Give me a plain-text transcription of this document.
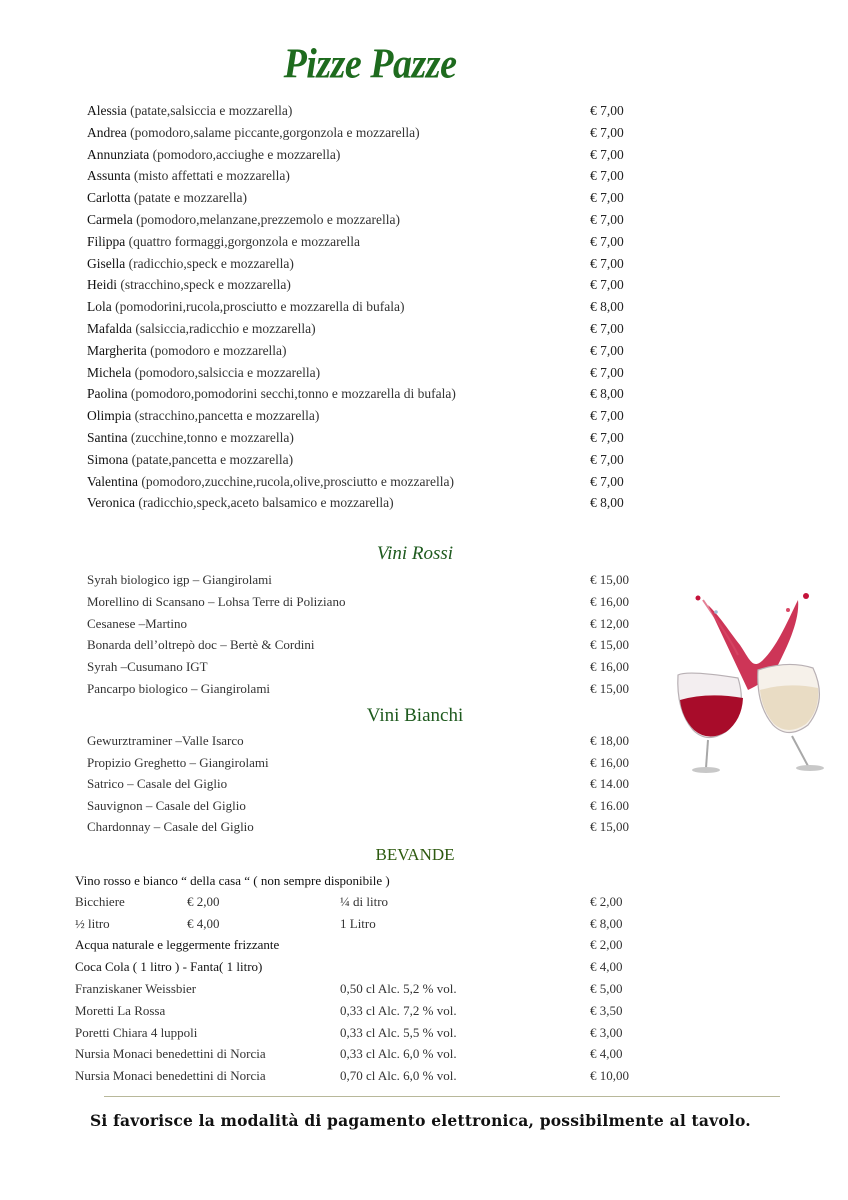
Pizze Pazze
Alessia (patate,salsiccia e mozzarella)	€ 7,00
Andrea (pomodoro,salame piccante,gorgonzola e mozzarella)	€ 7,00
Annunziata (pomodoro,acciughe e mozzarella)	€ 7,00
Assunta (misto affettati e mozzarella)	€ 7,00
Carlotta (patate e mozzarella)	€ 7,00
Carmela (pomodoro,melanzane,prezzemolo e mozzarella)	€ 7,00
Filippa (quattro formaggi,gorgonzola e mozzarella	€ 7,00
Gisella (radicchio,speck e mozzarella)	€ 7,00
Heidi (stracchino,speck e mozzarella)	€ 7,00
Lola (pomodorini,rucola,prosciutto e mozzarella di bufala)	€ 8,00
Mafalda (salsiccia,radicchio e mozzarella)	€ 7,00
Margherita (pomodoro e mozzarella)	€ 7,00
Michela (pomodoro,salsiccia e mozzarella)	€ 7,00
Paolina (pomodoro,pomodorini secchi,tonno e mozzarella di bufala)	€ 8,00
Olimpia (stracchino,pancetta e mozzarella)	€ 7,00
Santina (zucchine,tonno e mozzarella)	€ 7,00
Simona (patate,pancetta e mozzarella)	€ 7,00
Valentina (pomodoro,zucchine,rucola,olive,prosciutto e mozzarella)	€ 7,00
Veronica (radicchio,speck,aceto balsamico e mozzarella)	€ 8,00
Vini Rossi
Syrah biologico igp – Giangirolami	€ 15,00
Morellino di Scansano – Lohsa Terre di Poliziano	€ 16,00
Cesanese –Martino	€ 12,00
Bonarda dell’oltrepò doc – Bertè & Cordini	€ 15,00
Syrah –Cusumano IGT	€ 16,00
Pancarpo biologico – Giangirolami	€ 15,00
Vini Bianchi
Gewurztraminer –Valle Isarco	€ 18,00
Propizio Greghetto – Giangirolami	€ 16,00
Satrico – Casale del Giglio	€ 14.00
Sauvignon – Casale del Giglio	€ 16.00
Chardonnay – Casale del Giglio	€ 15,00
BEVANDE
Vino rosso e bianco “ della casa “ ( non sempre disponibile )
Bicchiere	€ 2,00	¼ di litro	€ 2,00
½ litro	€ 4,00	1 Litro	€ 8,00
Acqua naturale e leggermente frizzante	€ 2,00
Coca Cola ( 1 litro ) - Fanta( 1 litro)	€ 4,00
Franziskaner Weissbier	0,50 cl Alc. 5,2 % vol.	€ 5,00
Moretti La Rossa	0,33 cl Alc. 7,2 % vol.	€ 3,50
Poretti Chiara 4 luppoli	0,33 cl Alc. 5,5 % vol.	€ 3,00
Nursia Monaci benedettini di Norcia	0,33 cl Alc. 6,0 % vol.	€ 4,00
Nursia Monaci benedettini di Norcia	0,70 cl Alc. 6,0 % vol.	€ 10,00
Si favorisce la modalità di pagamento elettronica, possibilmente al tavolo.
